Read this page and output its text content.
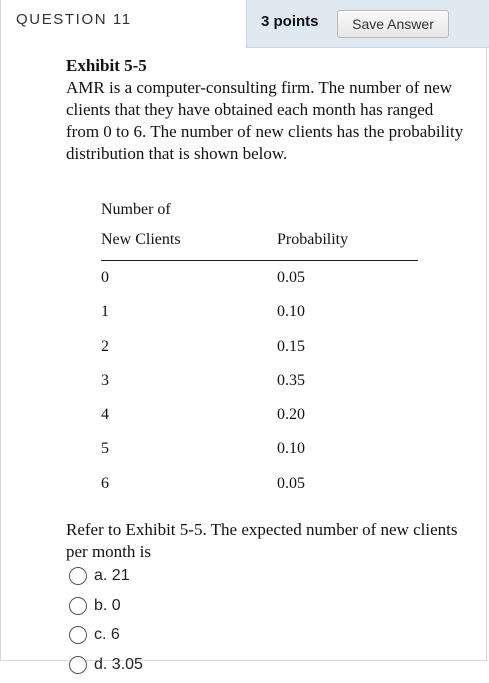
QUESTION 11	3 points	Save Answer
Exhibit 5-5

AMR is a computer-consulting firm. The number of new clients that they have obtained each month has ranged from 0 to 6. The number of new clients has the probability distribution that is shown below.

Number of
New Clients	Probability
0	0.05
1	0.10
2	0.15
3	0.35
4	0.20
5	0.10
6	0.05

Refer to Exhibit 5-5. The expected number of new clients per month is

a. 21
b. 0
c. 6
d. 3.05
